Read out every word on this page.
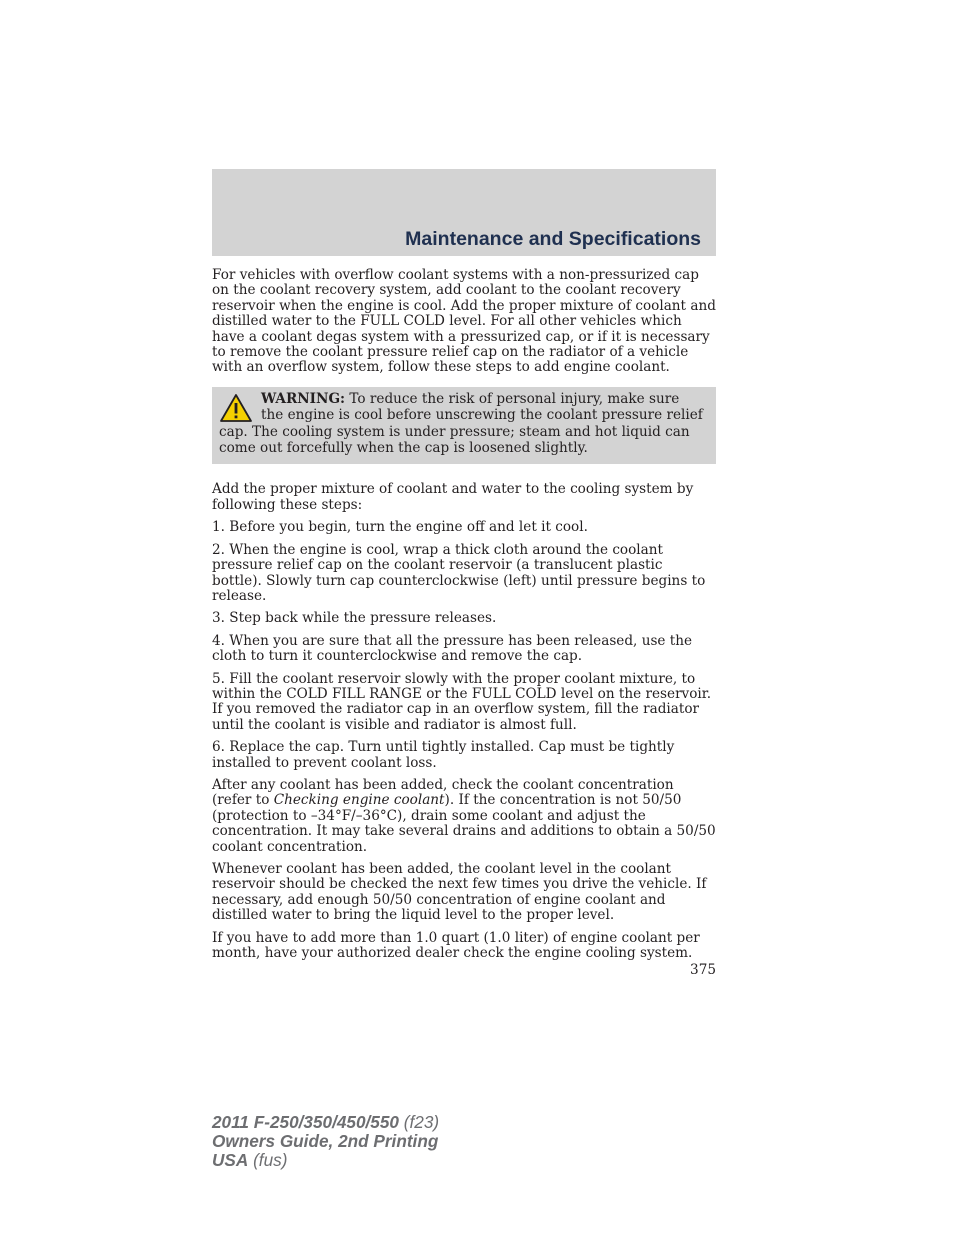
Maintenance and Specifications

For vehicles with overflow coolant systems with a non-pressurized cap on the coolant recovery system, add coolant to the coolant recovery reservoir when the engine is cool. Add the proper mixture of coolant and distilled water to the FULL COLD level. For all other vehicles which have a coolant degas system with a pressurized cap, or if it is necessary to remove the coolant pressure relief cap on the radiator of a vehicle with an overflow system, follow these steps to add engine coolant.

WARNING: To reduce the risk of personal injury, make sure the engine is cool before unscrewing the coolant pressure relief cap. The cooling system is under pressure; steam and hot liquid can come out forcefully when the cap is loosened slightly.

Add the proper mixture of coolant and water to the cooling system by following these steps:

1. Before you begin, turn the engine off and let it cool.

2. When the engine is cool, wrap a thick cloth around the coolant pressure relief cap on the coolant reservoir (a translucent plastic bottle). Slowly turn cap counterclockwise (left) until pressure begins to release.

3. Step back while the pressure releases.

4. When you are sure that all the pressure has been released, use the cloth to turn it counterclockwise and remove the cap.

5. Fill the coolant reservoir slowly with the proper coolant mixture, to within the COLD FILL RANGE or the FULL COLD level on the reservoir. If you removed the radiator cap in an overflow system, fill the radiator until the coolant is visible and radiator is almost full.

6. Replace the cap. Turn until tightly installed. Cap must be tightly installed to prevent coolant loss.

After any coolant has been added, check the coolant concentration (refer to Checking engine coolant). If the concentration is not 50/50 (protection to –34°F/–36°C), drain some coolant and adjust the concentration. It may take several drains and additions to obtain a 50/50 coolant concentration.

Whenever coolant has been added, the coolant level in the coolant reservoir should be checked the next few times you drive the vehicle. If necessary, add enough 50/50 concentration of engine coolant and distilled water to bring the liquid level to the proper level.

If you have to add more than 1.0 quart (1.0 liter) of engine coolant per month, have your authorized dealer check the engine cooling system.

375
2011 F-250/350/450/550 (f23)
Owners Guide, 2nd Printing
USA (fus)
